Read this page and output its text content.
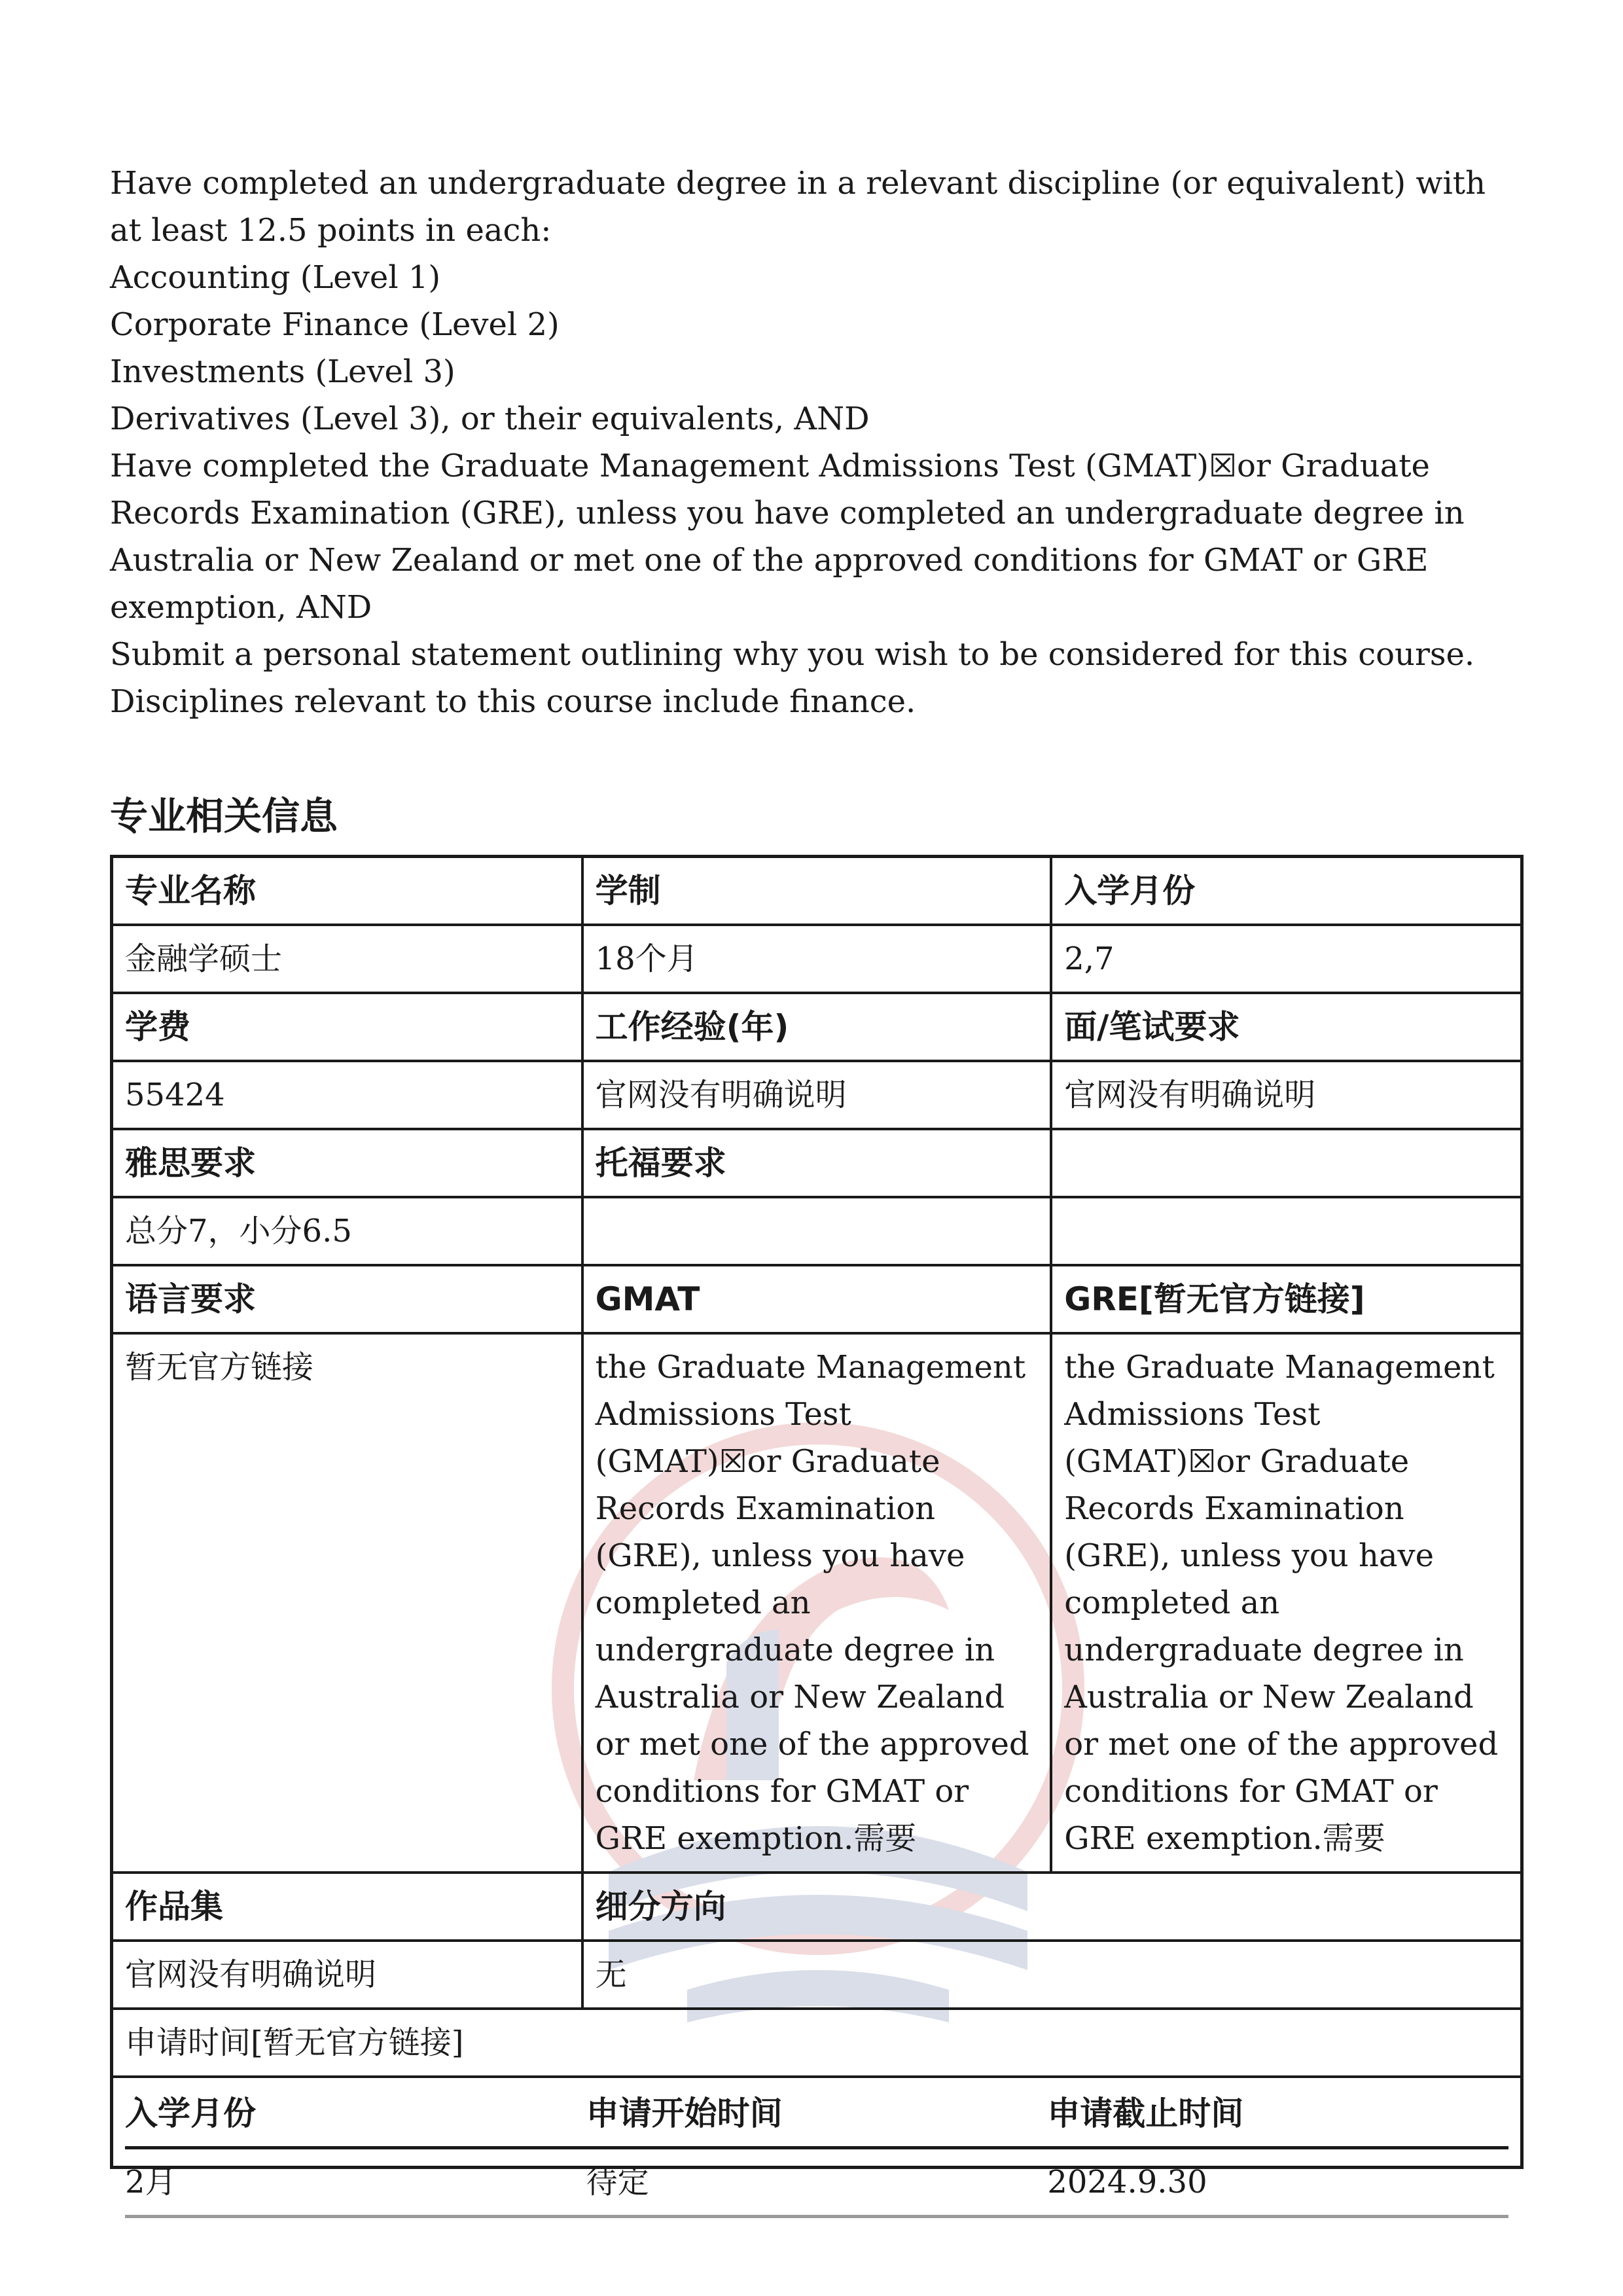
Have completed an undergraduate degree in a relevant discipline (or equivalent) with at least 12.5 points in each:

Accounting (Level 1)

Corporate Finance (Level 2)

Investments (Level 3)

Derivatives (Level 3), or their equivalents, AND

Have completed the Graduate Management Admissions Test (GMAT)☒or Graduate Records Examination (GRE), unless you have completed an undergraduate degree in Australia or New Zealand or met one of the approved conditions for GMAT or GRE exemption, AND

Submit a personal statement outlining why you wish to be considered for this course.

Disciplines relevant to this course include finance.

专业相关信息
专业名称	学制	入学月份
金融学硕士	18个月	2,7
学费	工作经验(年)	面/笔试要求
55424	官网没有明确说明	官网没有明确说明
雅思要求	托福要求	
总分7，小分6.5		
语言要求	GMAT	GRE[暂无官方链接]
暂无官方链接	the Graduate Management Admissions Test (GMAT)☒or Graduate Records Examination (GRE), unless you have completed an undergraduate degree in Australia or New Zealand or met one of the approved conditions for GMAT or GRE exemption.需要	the Graduate Management Admissions Test (GMAT)☒or Graduate Records Examination (GRE), unless you have completed an undergraduate degree in Australia or New Zealand or met one of the approved conditions for GMAT or GRE exemption.需要
作品集	细分方向
官网没有明确说明	无
申请时间[暂无官方链接]

入学月份	申请开始时间	申请截止时间
2月	待定	2024.9.30
